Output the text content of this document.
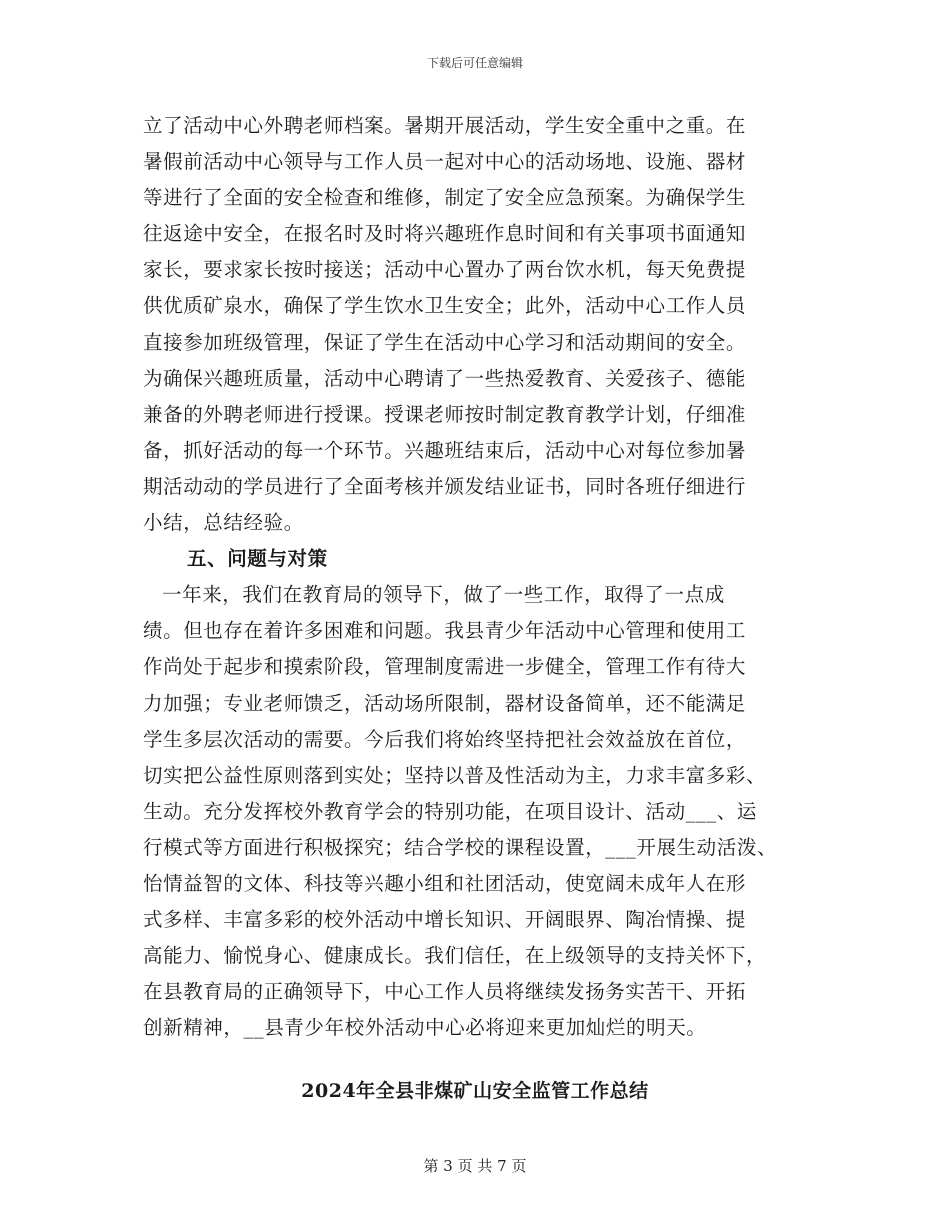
下载后可任意编辑
立了活动中心外聘老师档案。暑期开展活动，学生安全重中之重。在
暑假前活动中心领导与工作人员一起对中心的活动场地、设施、器材
等进行了全面的安全检查和维修，制定了安全应急预案。为确保学生
往返途中安全，在报名时及时将兴趣班作息时间和有关事项书面通知
家长，要求家长按时接送；活动中心置办了两台饮水机，每天免费提
供优质矿泉水，确保了学生饮水卫生安全；此外，活动中心工作人员
直接参加班级管理，保证了学生在活动中心学习和活动期间的安全。
为确保兴趣班质量，活动中心聘请了一些热爱教育、关爱孩子、德能
兼备的外聘老师进行授课。授课老师按时制定教育教学计划，仔细准
备，抓好活动的每一个环节。兴趣班结束后，活动中心对每位参加暑
期活动动的学员进行了全面考核并颁发结业证书，同时各班仔细进行
小结，总结经验。
五、问题与对策
一年来，我们在教育局的领导下，做了一些工作，取得了一点成
绩。但也存在着许多困难和问题。我县青少年活动中心管理和使用工
作尚处于起步和摸索阶段，管理制度需进一步健全，管理工作有待大
力加强；专业老师馈乏，活动场所限制，器材设备简单，还不能满足
学生多层次活动的需要。今后我们将始终坚持把社会效益放在首位，
切实把公益性原则落到实处；坚持以普及性活动为主，力求丰富多彩、
生动。充分发挥校外教育学会的特别功能，在项目设计、活动___、运
行模式等方面进行积极探究；结合学校的课程设置，___开展生动活泼、
怡情益智的文体、科技等兴趣小组和社团活动，使宽阔未成年人在形
式多样、丰富多彩的校外活动中增长知识、开阔眼界、陶冶情操、提
高能力、愉悦身心、健康成长。我们信任，在上级领导的支持关怀下，
在县教育局的正确领导下，中心工作人员将继续发扬务实苦干、开拓
创新精神，__县青少年校外活动中心必将迎来更加灿烂的明天。
2024年全县非煤矿山安全监管工作总结
第 3 页 共 7 页
